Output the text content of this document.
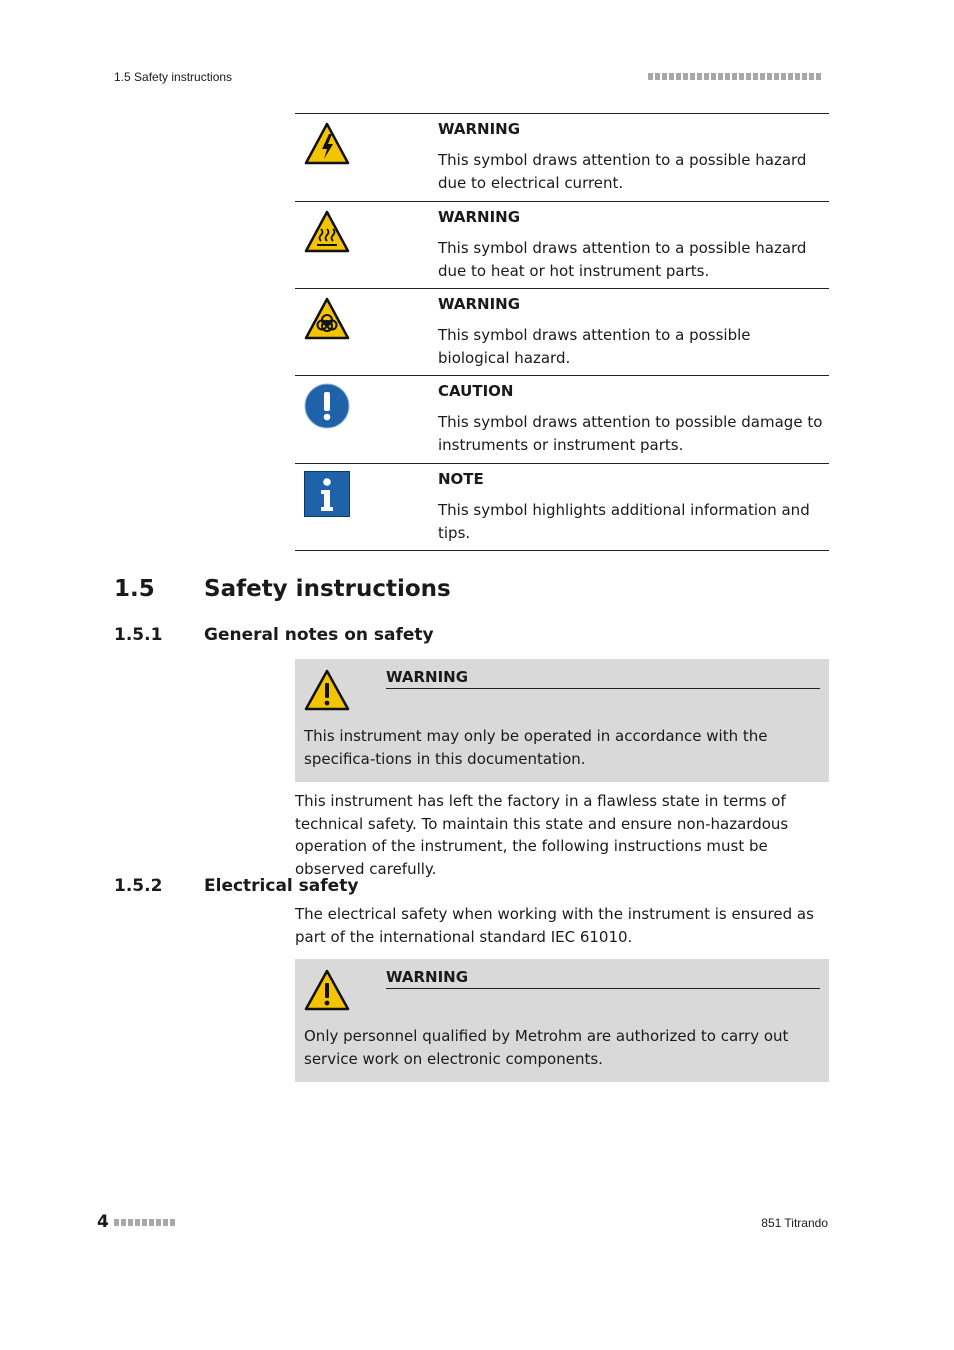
1.5 Safety instructions
WARNING
This symbol draws attention to a possible hazard due to electrical current.
WARNING
This symbol draws attention to a possible hazard due to heat or hot instrument parts.
WARNING
This symbol draws attention to a possible biological hazard.
CAUTION
This symbol draws attention to possible damage to instruments or instrument parts.
NOTE
This symbol highlights additional information and tips.
1.5 Safety instructions
1.5.1 General notes on safety
WARNING
This instrument may only be operated in accordance with the specifica-tions in this documentation.
This instrument has left the factory in a flawless state in terms of technical safety. To maintain this state and ensure non-hazardous operation of the instrument, the following instructions must be observed carefully.
1.5.2 Electrical safety
The electrical safety when working with the instrument is ensured as part of the international standard IEC 61010.
WARNING
Only personnel qualified by Metrohm are authorized to carry out service work on electronic components.
4	851 Titrando
